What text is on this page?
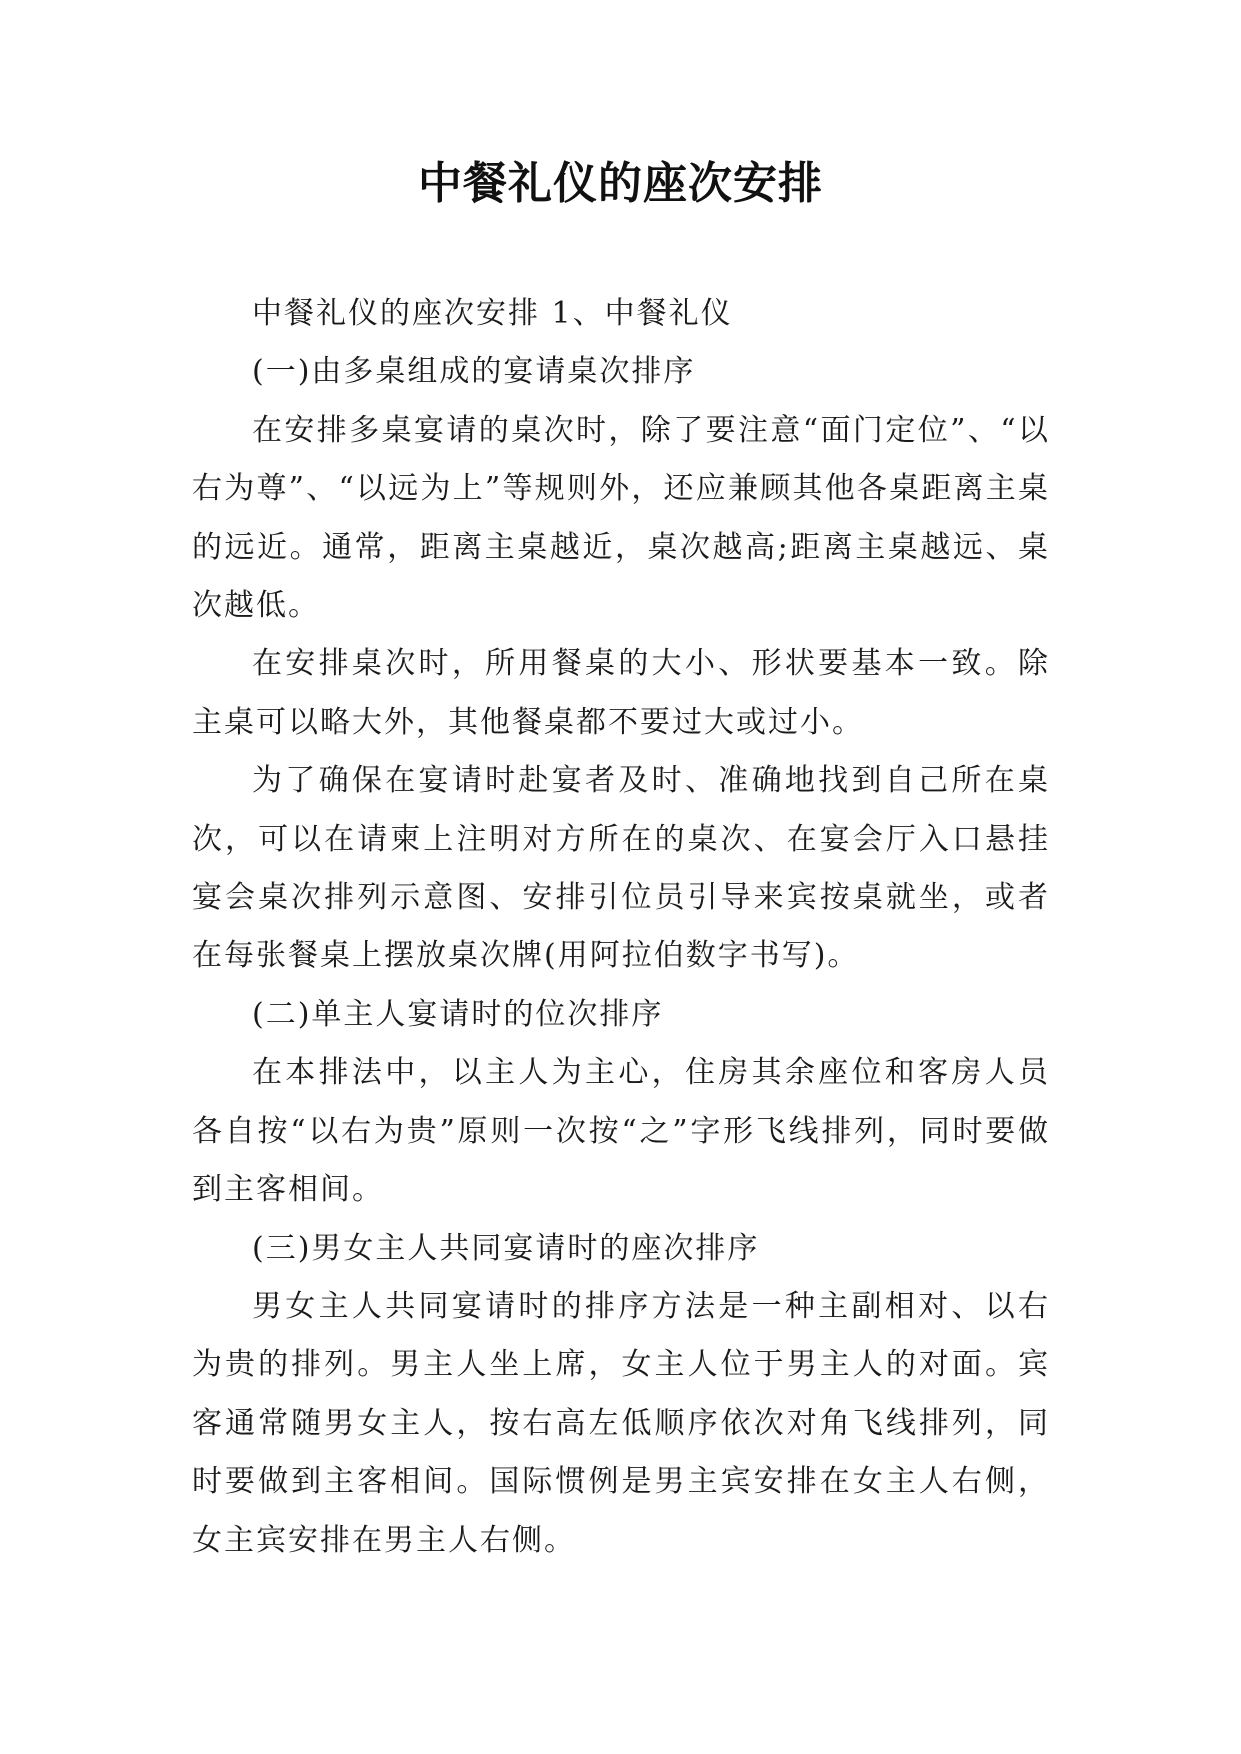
中餐礼仪的座次安排

中餐礼仪的座次安排 1、中餐礼仪

(一)由多桌组成的宴请桌次排序

在安排多桌宴请的桌次时，除了要注意“面门定位”、“以右为尊”、“以远为上”等规则外，还应兼顾其他各桌距离主桌的远近。通常，距离主桌越近，桌次越高;距离主桌越远、桌次越低。

在安排桌次时，所用餐桌的大小、形状要基本一致。除主桌可以略大外，其他餐桌都不要过大或过小。

为了确保在宴请时赴宴者及时、准确地找到自己所在桌次，可以在请柬上注明对方所在的桌次、在宴会厅入口悬挂宴会桌次排列示意图、安排引位员引导来宾按桌就坐，或者在每张餐桌上摆放桌次牌(用阿拉伯数字书写)。

(二)单主人宴请时的位次排序

在本排法中，以主人为主心，住房其余座位和客房人员各自按“以右为贵”原则一次按“之”字形飞线排列，同时要做到主客相间。

(三)男女主人共同宴请时的座次排序

男女主人共同宴请时的排序方法是一种主副相对、以右为贵的排列。男主人坐上席，女主人位于男主人的对面。宾客通常随男女主人，按右高左低顺序依次对角飞线排列，同时要做到主客相间。国际惯例是男主宾安排在女主人右侧，女主宾安排在男主人右侧。
